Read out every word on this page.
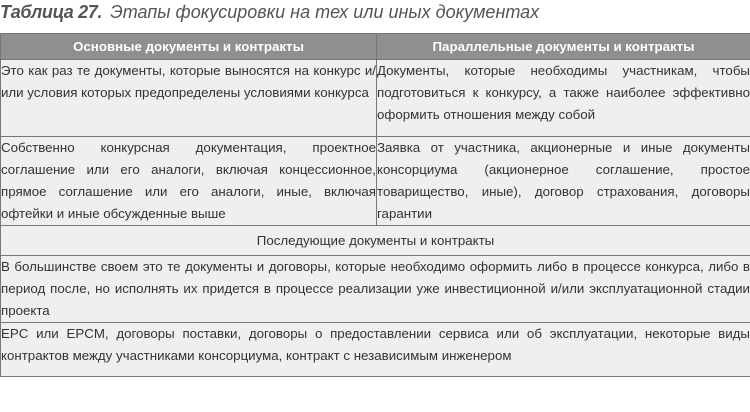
Таблица 27. Этапы фокусировки на тех или иных документах
Основные документы и контракты	Параллельные документы и контракты
Это как раз те документы, которые выносятся на конкурс и/или условия которых предопределены условиями конкурса	Документы, которые необходимы участникам, чтобы подготовиться к конкурсу, а также наиболее эффективно оформить отношения между собой
Собственно конкурсная документация, проектное соглашение или его аналоги, включая концессионное, прямое соглашение или его аналоги, иные, включая офтейки и иные обсужденные выше	Заявка от участника, акционерные и иные документы консорциума (акционерное соглашение, простое товарищество, иные), договор страхования, договоры гарантии
Последующие документы и контракты	
В большинстве своем это те документы и договоры, которые необходимо оформить либо в процессе конкурса, либо в период после, но исполнять их придется в процессе реализации уже инвестиционной и/или эксплуатационной стадии проекта	
EPC или EPCM, договоры поставки, договоры о предоставлении сервиса или об эксплуатации, некоторые виды контрактов между участниками консорциума, контракт с независимым инженером	
